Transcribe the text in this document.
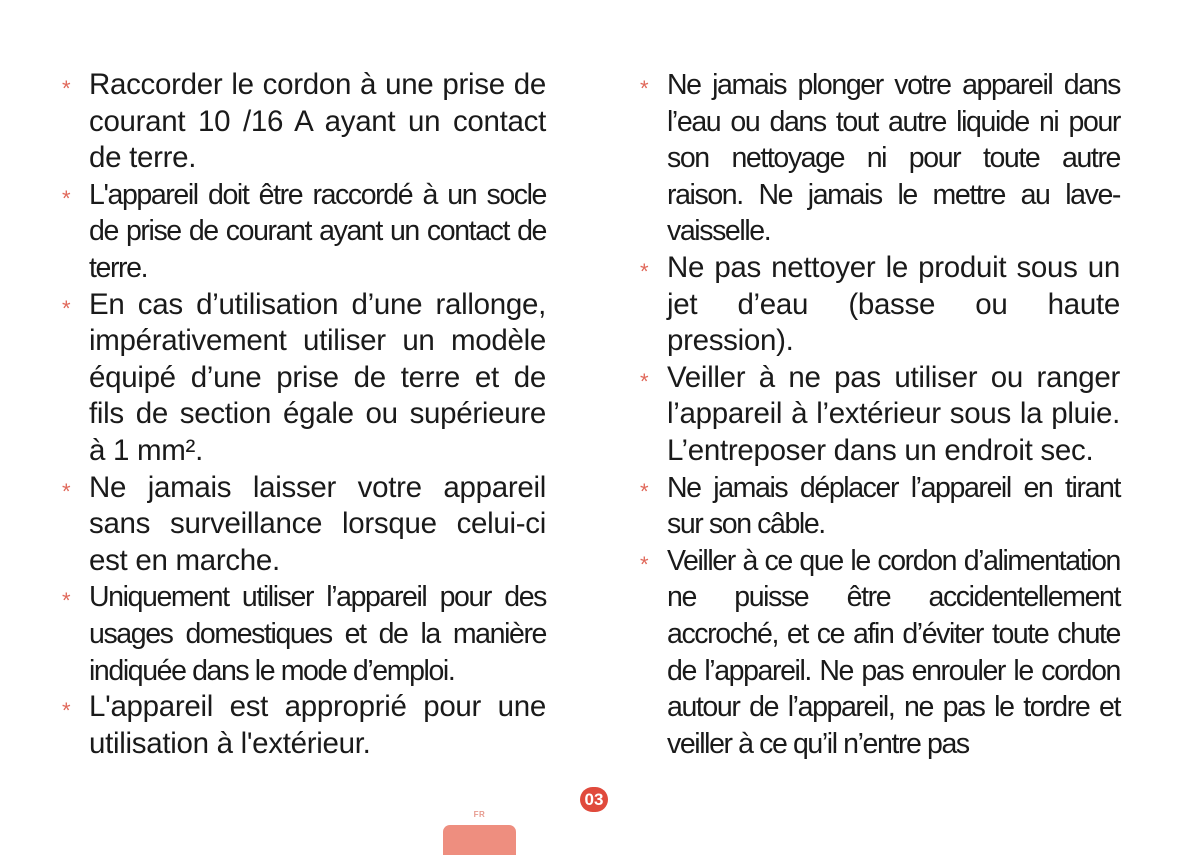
* Raccorder le cordon à une prise de courant 10 /16 A ayant un contact de terre.
* L'appareil doit être raccordé à un socle de prise de courant ayant un contact de terre.
* En cas d’utilisation d’une rallonge, impérativement utiliser un modèle équipé d’une prise de terre et de fils de section égale ou supérieure à 1 mm².
* Ne jamais laisser votre appareil sans surveillance lorsque celui-ci est en marche.
* Uniquement utiliser l’appareil pour des usages domestiques et de la manière indiquée dans le mode d’emploi.
* L'appareil est approprié pour une utilisation à l'extérieur.
* Ne jamais plonger votre appareil dans l’eau ou dans tout autre liquide ni pour son nettoyage ni pour toute autre raison. Ne jamais le mettre au lave-vaisselle.
* Ne pas nettoyer le produit sous un jet d’eau (basse ou haute pression).
* Veiller à ne pas utiliser ou ranger l’appareil à l’extérieur sous la pluie. L’entreposer dans un endroit sec.
* Ne jamais déplacer l’appareil en tirant sur son câble.
* Veiller à ce que le cordon d’alimentation ne puisse être accidentellement accroché, et ce afin d’éviter toute chute de l’appareil. Ne pas enrouler le cordon autour de l’appareil, ne pas le tordre et veiller à ce qu’il n’entre pas
03
FR
